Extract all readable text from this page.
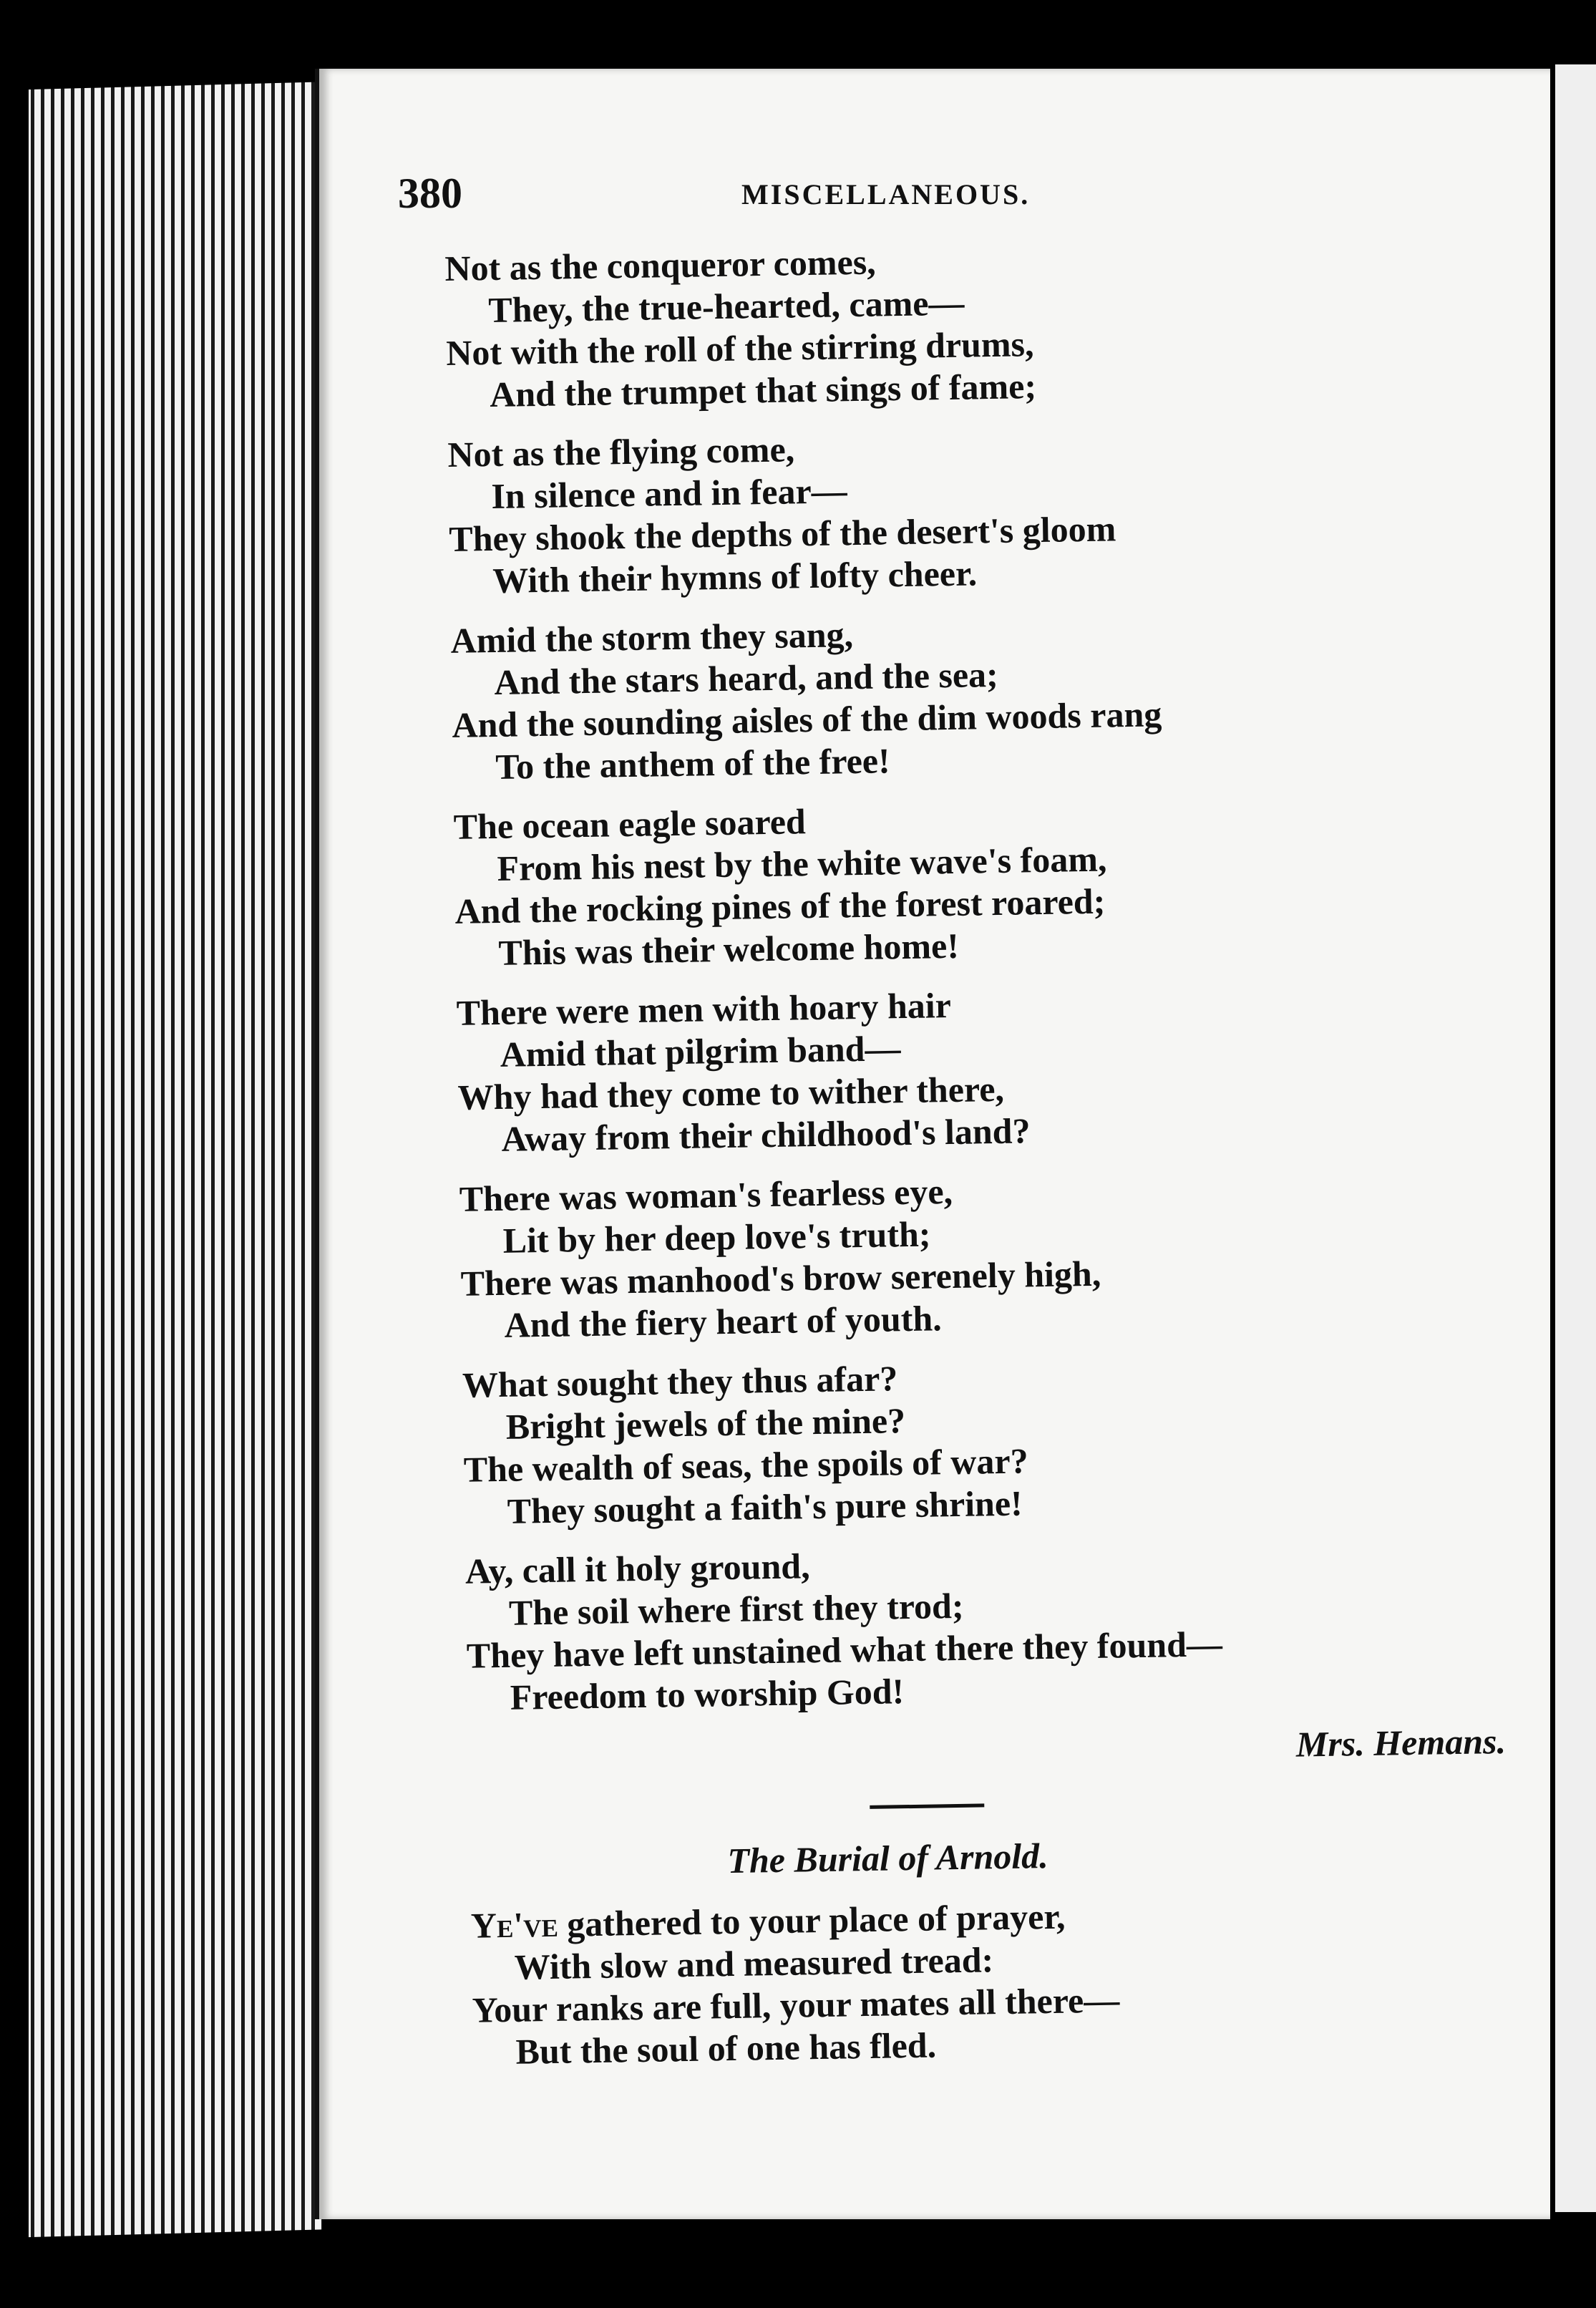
380	MISCELLANEOUS.
Not as the conqueror comes,
They, the true-hearted, came—
Not with the roll of the stirring drums,
And the trumpet that sings of fame;
Not as the flying come,
In silence and in fear—
They shook the depths of the desert's gloom
With their hymns of lofty cheer.
Amid the storm they sang,
And the stars heard, and the sea;
And the sounding aisles of the dim woods rang
To the anthem of the free!
The ocean eagle soared
From his nest by the white wave's foam,
And the rocking pines of the forest roared;
This was their welcome home!
There were men with hoary hair
Amid that pilgrim band—
Why had they come to wither there,
Away from their childhood's land?
There was woman's fearless eye,
Lit by her deep love's truth;
There was manhood's brow serenely high,
And the fiery heart of youth.
What sought they thus afar?
Bright jewels of the mine?
The wealth of seas, the spoils of war?
They sought a faith's pure shrine!
Ay, call it holy ground,
The soil where first they trod;
They have left unstained what there they found—
Freedom to worship God!
Mrs. Hemans.
The Burial of Arnold.
Ye've gathered to your place of prayer,
With slow and measured tread:
Your ranks are full, your mates all there—
But the soul of one has fled.
